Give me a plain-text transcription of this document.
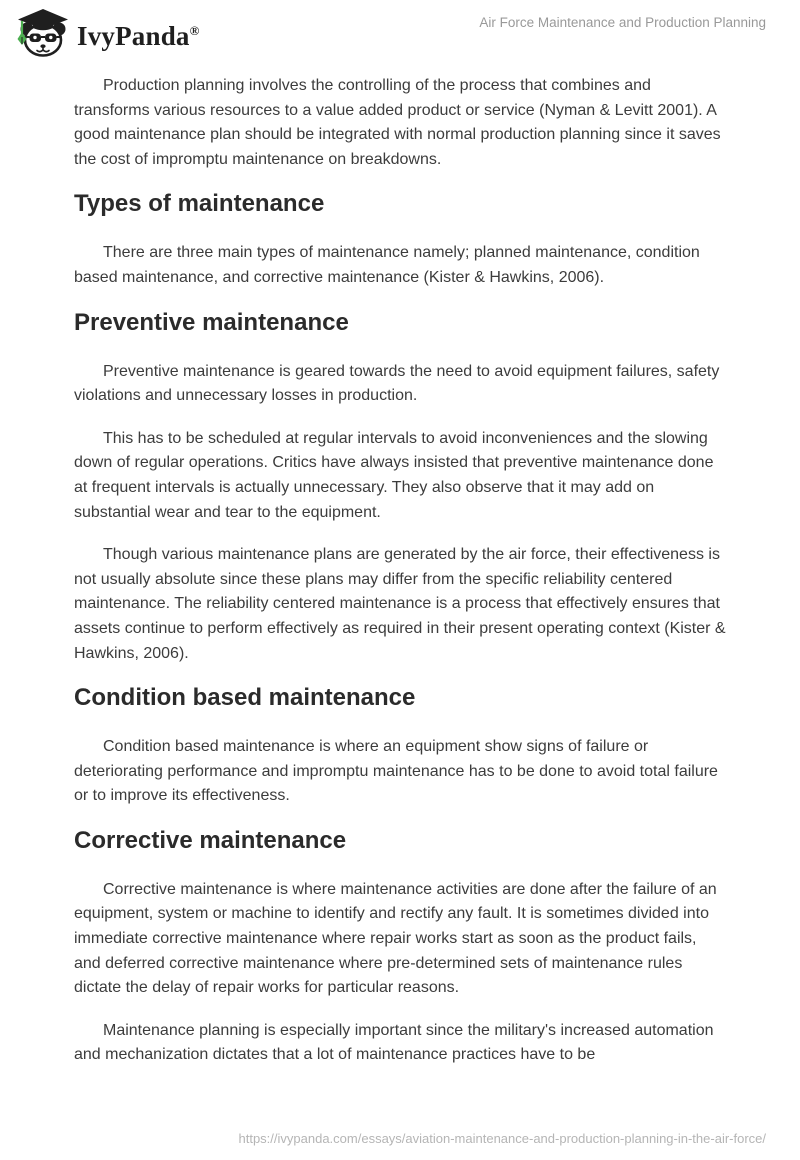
IvyPanda®
Air Force Maintenance and Production Planning

Production planning involves the controlling of the process that combines and transforms various resources to a value added product or service (Nyman & Levitt 2001). A good maintenance plan should be integrated with normal production planning since it saves the cost of impromptu maintenance on breakdowns.

Types of maintenance

There are three main types of maintenance namely; planned maintenance, condition based maintenance, and corrective maintenance (Kister & Hawkins, 2006).

Preventive maintenance

Preventive maintenance is geared towards the need to avoid equipment failures, safety violations and unnecessary losses in production.

This has to be scheduled at regular intervals to avoid inconveniences and the slowing down of regular operations. Critics have always insisted that preventive maintenance done at frequent intervals is actually unnecessary. They also observe that it may add on substantial wear and tear to the equipment.

Though various maintenance plans are generated by the air force, their effectiveness is not usually absolute since these plans may differ from the specific reliability centered maintenance. The reliability centered maintenance is a process that effectively ensures that assets continue to perform effectively as required in their present operating context (Kister & Hawkins, 2006).

Condition based maintenance

Condition based maintenance is where an equipment show signs of failure or deteriorating performance and impromptu maintenance has to be done to avoid total failure or to improve its effectiveness.

Corrective maintenance

Corrective maintenance is where maintenance activities are done after the failure of an equipment, system or machine to identify and rectify any fault. It is sometimes divided into immediate corrective maintenance where repair works start as soon as the product fails, and deferred corrective maintenance where pre-determined sets of maintenance rules dictate the delay of repair works for particular reasons.

Maintenance planning is especially important since the military's increased automation and mechanization dictates that a lot of maintenance practices have to be

https://ivypanda.com/essays/aviation-maintenance-and-production-planning-in-the-air-force/
